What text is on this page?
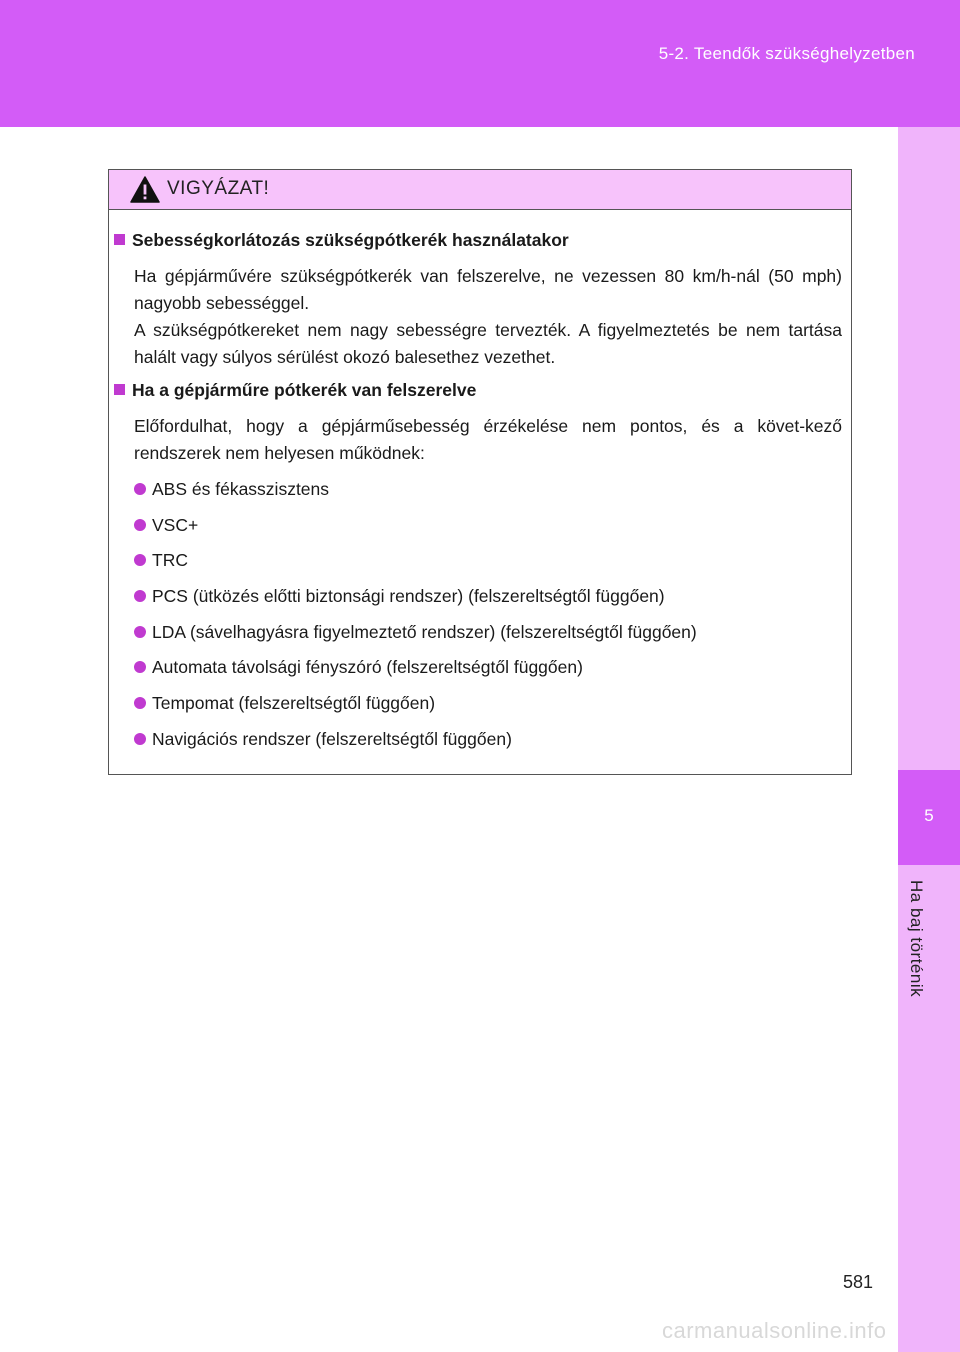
5-2. Teendők szükséghelyzetben
5
Ha baj történik
VIGYÁZAT!
Sebességkorlátozás szükségpótkerék használatakor
Ha gépjárművére szükségpótkerék van felszerelve, ne vezessen 80 km/h-nál (50 mph) nagyobb sebességgel.
A szükségpótkereket nem nagy sebességre tervezték. A figyelmeztetés be nem tartása halált vagy súlyos sérülést okozó balesethez vezethet.
Ha a gépjárműre pótkerék van felszerelve
Előfordulhat, hogy a gépjárműsebesség érzékelése nem pontos, és a követ-kező rendszerek nem helyesen működnek:
ABS és fékasszisztens
VSC+
TRC
PCS (ütközés előtti biztonsági rendszer) (felszereltségtől függően)
LDA (sávelhagyásra figyelmeztető rendszer) (felszereltségtől függően)
Automata távolsági fényszóró (felszereltségtől függően)
Tempomat (felszereltségtől függően)
Navigációs rendszer (felszereltségtől függően)
581
carmanualsonline.info
